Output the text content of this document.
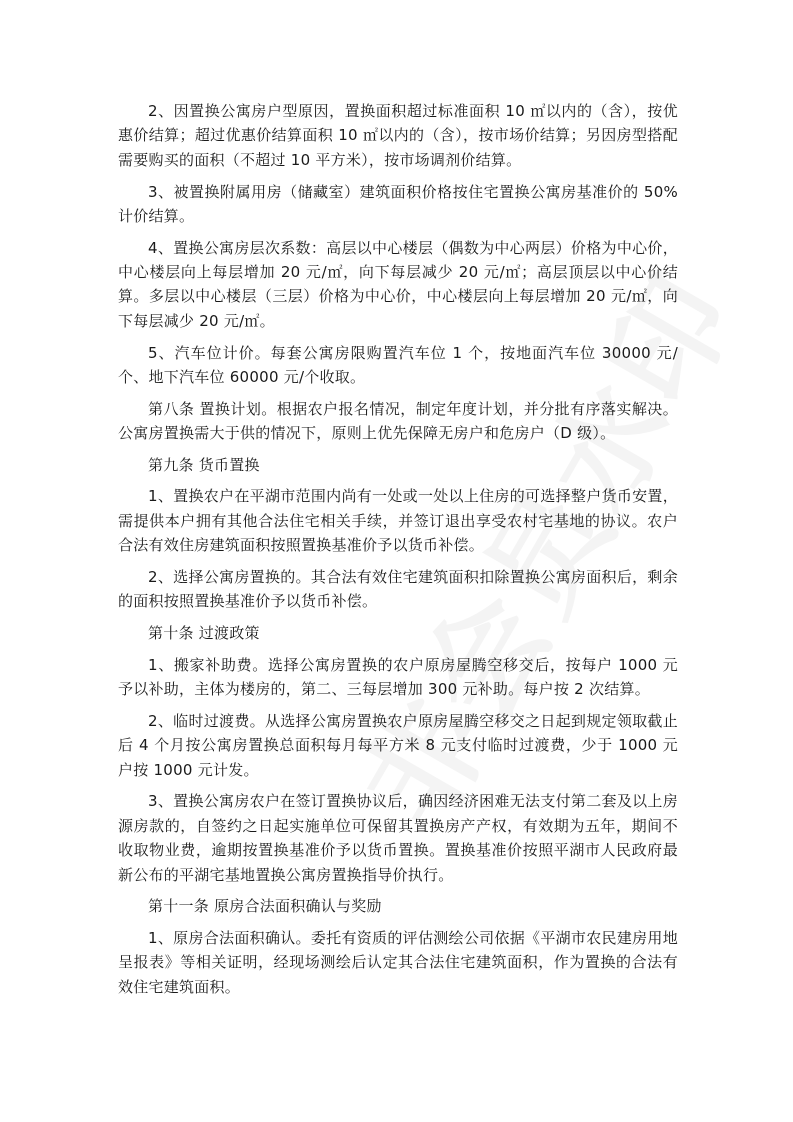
2、因置换公寓房户型原因，置换面积超过标准面积 10 ㎡以内的（含），按优惠价结算；超过优惠价结算面积 10 ㎡以内的（含），按市场价结算；另因房型搭配需要购买的面积（不超过 10 平方米），按市场调剂价结算。

3、被置换附属用房（储藏室）建筑面积价格按住宅置换公寓房基准价的 50%计价结算。

4、置换公寓房层次系数：高层以中心楼层（偶数为中心两层）价格为中心价，中心楼层向上每层增加 20 元/㎡，向下每层减少 20 元/㎡；高层顶层以中心价结算。多层以中心楼层（三层）价格为中心价，中心楼层向上每层增加 20 元/㎡，向下每层减少 20 元/㎡。

5、汽车位计价。每套公寓房限购置汽车位 1 个，按地面汽车位 30000 元/个、地下汽车位 60000 元/个收取。

第八条 置换计划。根据农户报名情况，制定年度计划，并分批有序落实解决。公寓房置换需大于供的情况下，原则上优先保障无房户和危房户（D 级）。

第九条 货币置换

1、置换农户在平湖市范围内尚有一处或一处以上住房的可选择整户货币安置，需提供本户拥有其他合法住宅相关手续，并签订退出享受农村宅基地的协议。农户合法有效住房建筑面积按照置换基准价予以货币补偿。

2、选择公寓房置换的。其合法有效住宅建筑面积扣除置换公寓房面积后，剩余的面积按照置换基准价予以货币补偿。

第十条 过渡政策

1、搬家补助费。选择公寓房置换的农户原房屋腾空移交后，按每户 1000 元予以补助，主体为楼房的，第二、三每层增加 300 元补助。每户按 2 次结算。

2、临时过渡费。从选择公寓房置换农户原房屋腾空移交之日起到规定领取截止后 4 个月按公寓房置换总面积每月每平方米 8 元支付临时过渡费，少于 1000 元户按 1000 元计发。

3、置换公寓房农户在签订置换协议后，确因经济困难无法支付第二套及以上房源房款的，自签约之日起实施单位可保留其置换房产产权，有效期为五年，期间不收取物业费，逾期按置换基准价予以货币置换。置换基准价按照平湖市人民政府最新公布的平湖宅基地置换公寓房置换指导价执行。

第十一条 原房合法面积确认与奖励

1、原房合法面积确认。委托有资质的评估测绘公司依据《平湖市农民建房用地呈报表》等相关证明，经现场测绘后认定其合法住宅建筑面积，作为置换的合法有效住宅建筑面积。
